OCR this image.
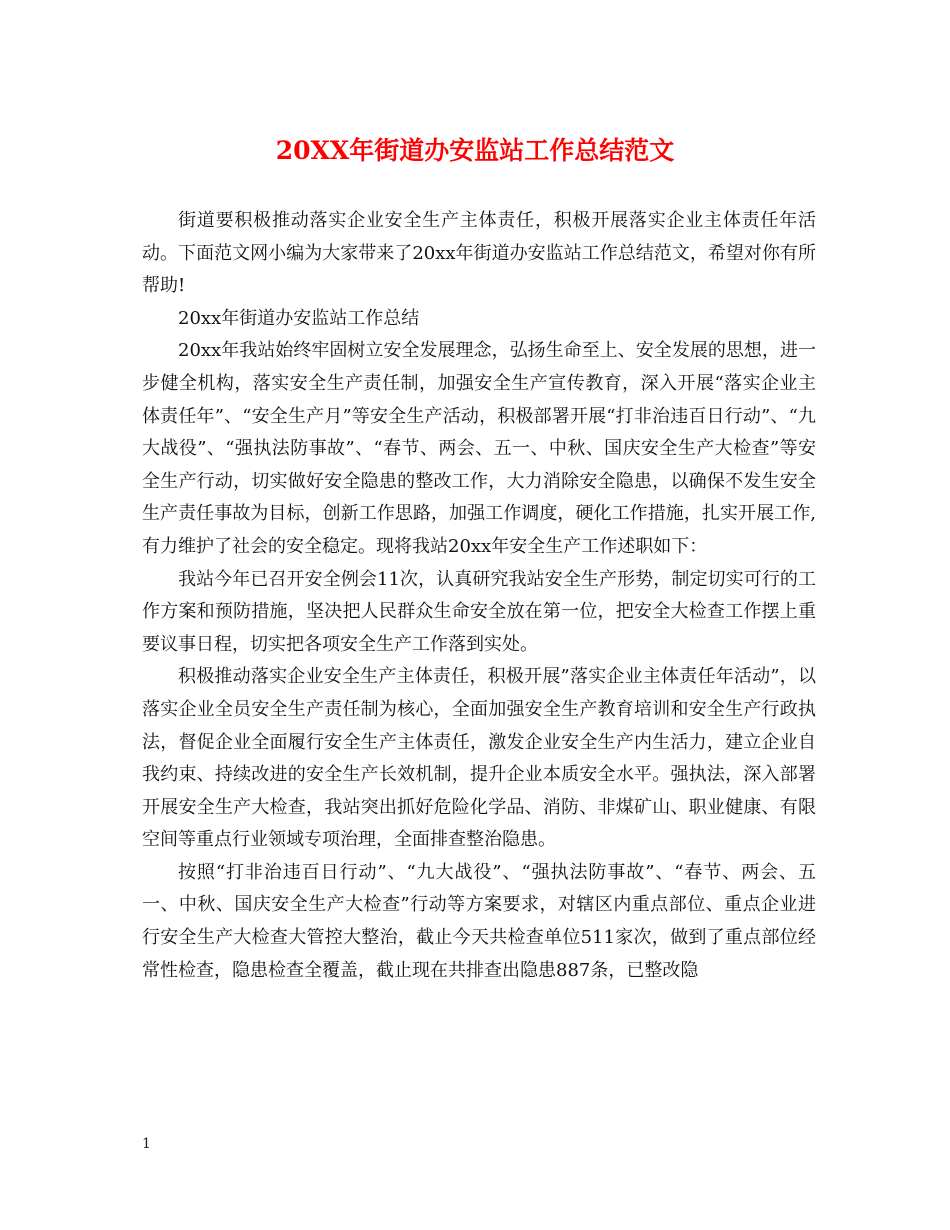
20XX年街道办安监站工作总结范文

街道要积极推动落实企业安全生产主体责任，积极开展落实企业主体责任年活动。下面范文网小编为大家带来了20xx年街道办安监站工作总结范文，希望对你有所帮助!

20xx年街道办安监站工作总结

20xx年我站始终牢固树立安全发展理念，弘扬生命至上、安全发展的思想，进一步健全机构，落实安全生产责任制，加强安全生产宣传教育，深入开展“落实企业主体责任年”、“安全生产月”等安全生产活动，积极部署开展“打非治违百日行动”、“九大战役”、“强执法防事故”、“春节、两会、五一、中秋、国庆安全生产大检查”等安全生产行动，切实做好安全隐患的整改工作，大力消除安全隐患，以确保不发生安全生产责任事故为目标，创新工作思路，加强工作调度，硬化工作措施，扎实开展工作,有力维护了社会的安全稳定。现将我站20xx年安全生产工作述职如下：

我站今年已召开安全例会11次，认真研究我站安全生产形势，制定切实可行的工作方案和预防措施，坚决把人民群众生命安全放在第一位，把安全大检查工作摆上重要议事日程，切实把各项安全生产工作落到实处。

积极推动落实企业安全生产主体责任，积极开展”落实企业主体责任年活动”，以落实企业全员安全生产责任制为核心，全面加强安全生产教育培训和安全生产行政执法，督促企业全面履行安全生产主体责任，激发企业安全生产内生活力，建立企业自我约束、持续改进的安全生产长效机制，提升企业本质安全水平。强执法，深入部署开展安全生产大检查，我站突出抓好危险化学品、消防、非煤矿山、职业健康、有限空间等重点行业领域专项治理，全面排查整治隐患。

按照“打非治违百日行动”、“九大战役”、“强执法防事故”、“春节、两会、五一、中秋、国庆安全生产大检查”行动等方案要求，对辖区内重点部位、重点企业进行安全生产大检查大管控大整治，截止今天共检查单位511家次，做到了重点部位经常性检查，隐患检查全覆盖，截止现在共排查出隐患887条，已整改隐

1
